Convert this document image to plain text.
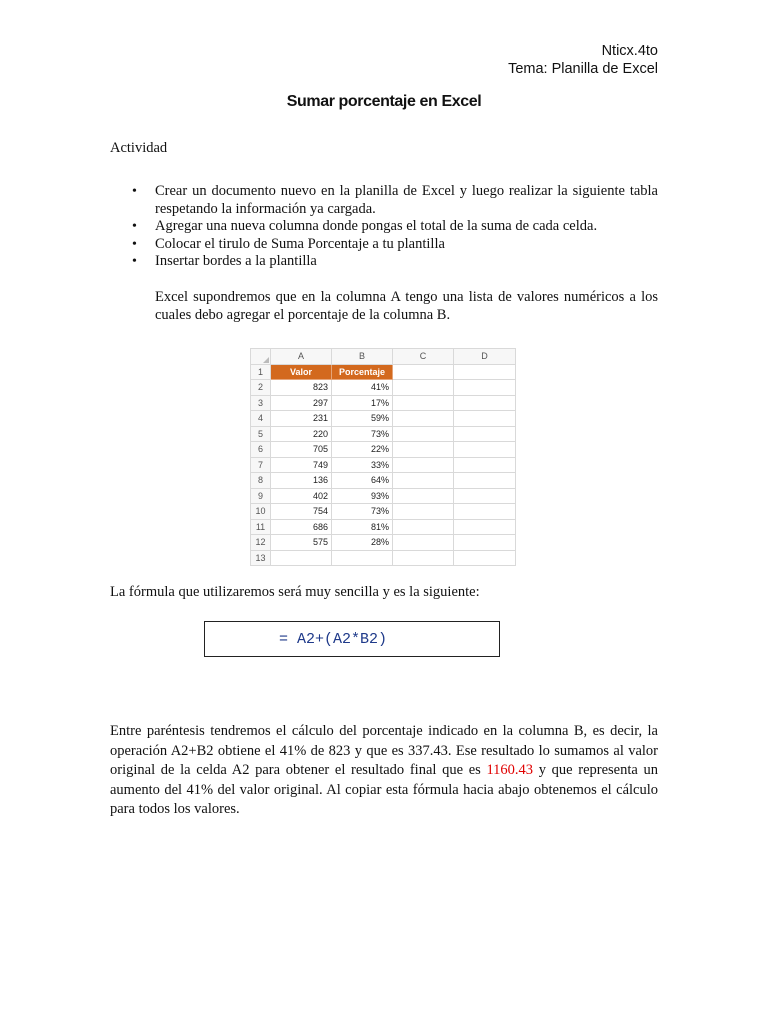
Nticx.4to
Tema: Planilla de Excel
Sumar porcentaje en Excel
Actividad
• Crear un documento nuevo en la planilla de Excel y luego realizar la siguiente tabla respetando la información ya cargada.
• Agregar una nueva columna donde pongas el total de la suma de cada celda.
• Colocar el tirulo de Suma Porcentaje a tu plantilla
• Insertar bordes a la plantilla
Excel supondremos que en la columna A tengo una lista de valores numéricos a los cuales debo agregar el porcentaje de la columna B.
	A	B	C	D
1	Valor	Porcentaje		
2	823	41%		
3	297	17%		
4	231	59%		
5	220	73%		
6	705	22%		
7	749	33%		
8	136	64%		
9	402	93%		
10	754	73%		
11	686	81%		
12	575	28%		
13				
La fórmula que utilizaremos será muy sencilla y es la siguiente:
= A2+(A2*B2)
Entre paréntesis tendremos el cálculo del porcentaje indicado en la columna B, es decir, la operación A2+B2 obtiene el 41% de 823 y que es 337.43. Ese resultado lo sumamos al valor original de la celda A2 para obtener el resultado final que es 1160.43 y que representa un aumento del 41% del valor original. Al copiar esta fórmula hacia abajo obtenemos el cálculo para todos los valores.
